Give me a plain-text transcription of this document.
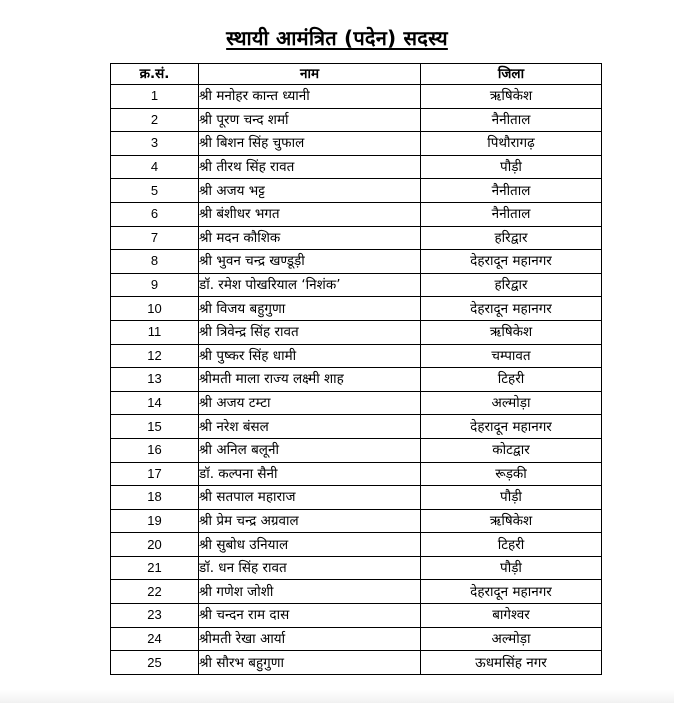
स्थायी आमंत्रित (पदेन) सदस्य
क्र.सं.	नाम	जिला
1	श्री मनोहर कान्त ध्यानी	ऋषिकेश
2	श्री पूरण चन्द शर्मा	नैनीताल
3	श्री बिशन सिंह चुफाल	पिथौरागढ़
4	श्री तीरथ सिंह रावत	पौड़ी
5	श्री अजय भट्ट	नैनीताल
6	श्री बंशीधर भगत	नैनीताल
7	श्री मदन कौशिक	हरिद्वार
8	श्री भुवन चन्द्र खण्डूड़ी	देहरादून महानगर
9	डॉ. रमेश पोखरियाल ‘निशंक’	हरिद्वार
10	श्री विजय बहुगुणा	देहरादून महानगर
11	श्री त्रिवेन्द्र सिंह रावत	ऋषिकेश
12	श्री पुष्कर सिंह धामी	चम्पावत
13	श्रीमती माला राज्य लक्ष्मी शाह	टिहरी
14	श्री अजय टम्टा	अल्मोड़ा
15	श्री नरेश बंसल	देहरादून महानगर
16	श्री अनिल बलूनी	कोटद्वार
17	डॉ. कल्पना सैनी	रूड़की
18	श्री सतपाल महाराज	पौड़ी
19	श्री प्रेम चन्द्र अग्रवाल	ऋषिकेश
20	श्री सुबोध उनियाल	टिहरी
21	डॉ. धन सिंह रावत	पौड़ी
22	श्री गणेश जोशी	देहरादून महानगर
23	श्री चन्दन राम दास	बागेश्वर
24	श्रीमती रेखा आर्या	अल्मोड़ा
25	श्री सौरभ बहुगुणा	ऊधमसिंह नगर
